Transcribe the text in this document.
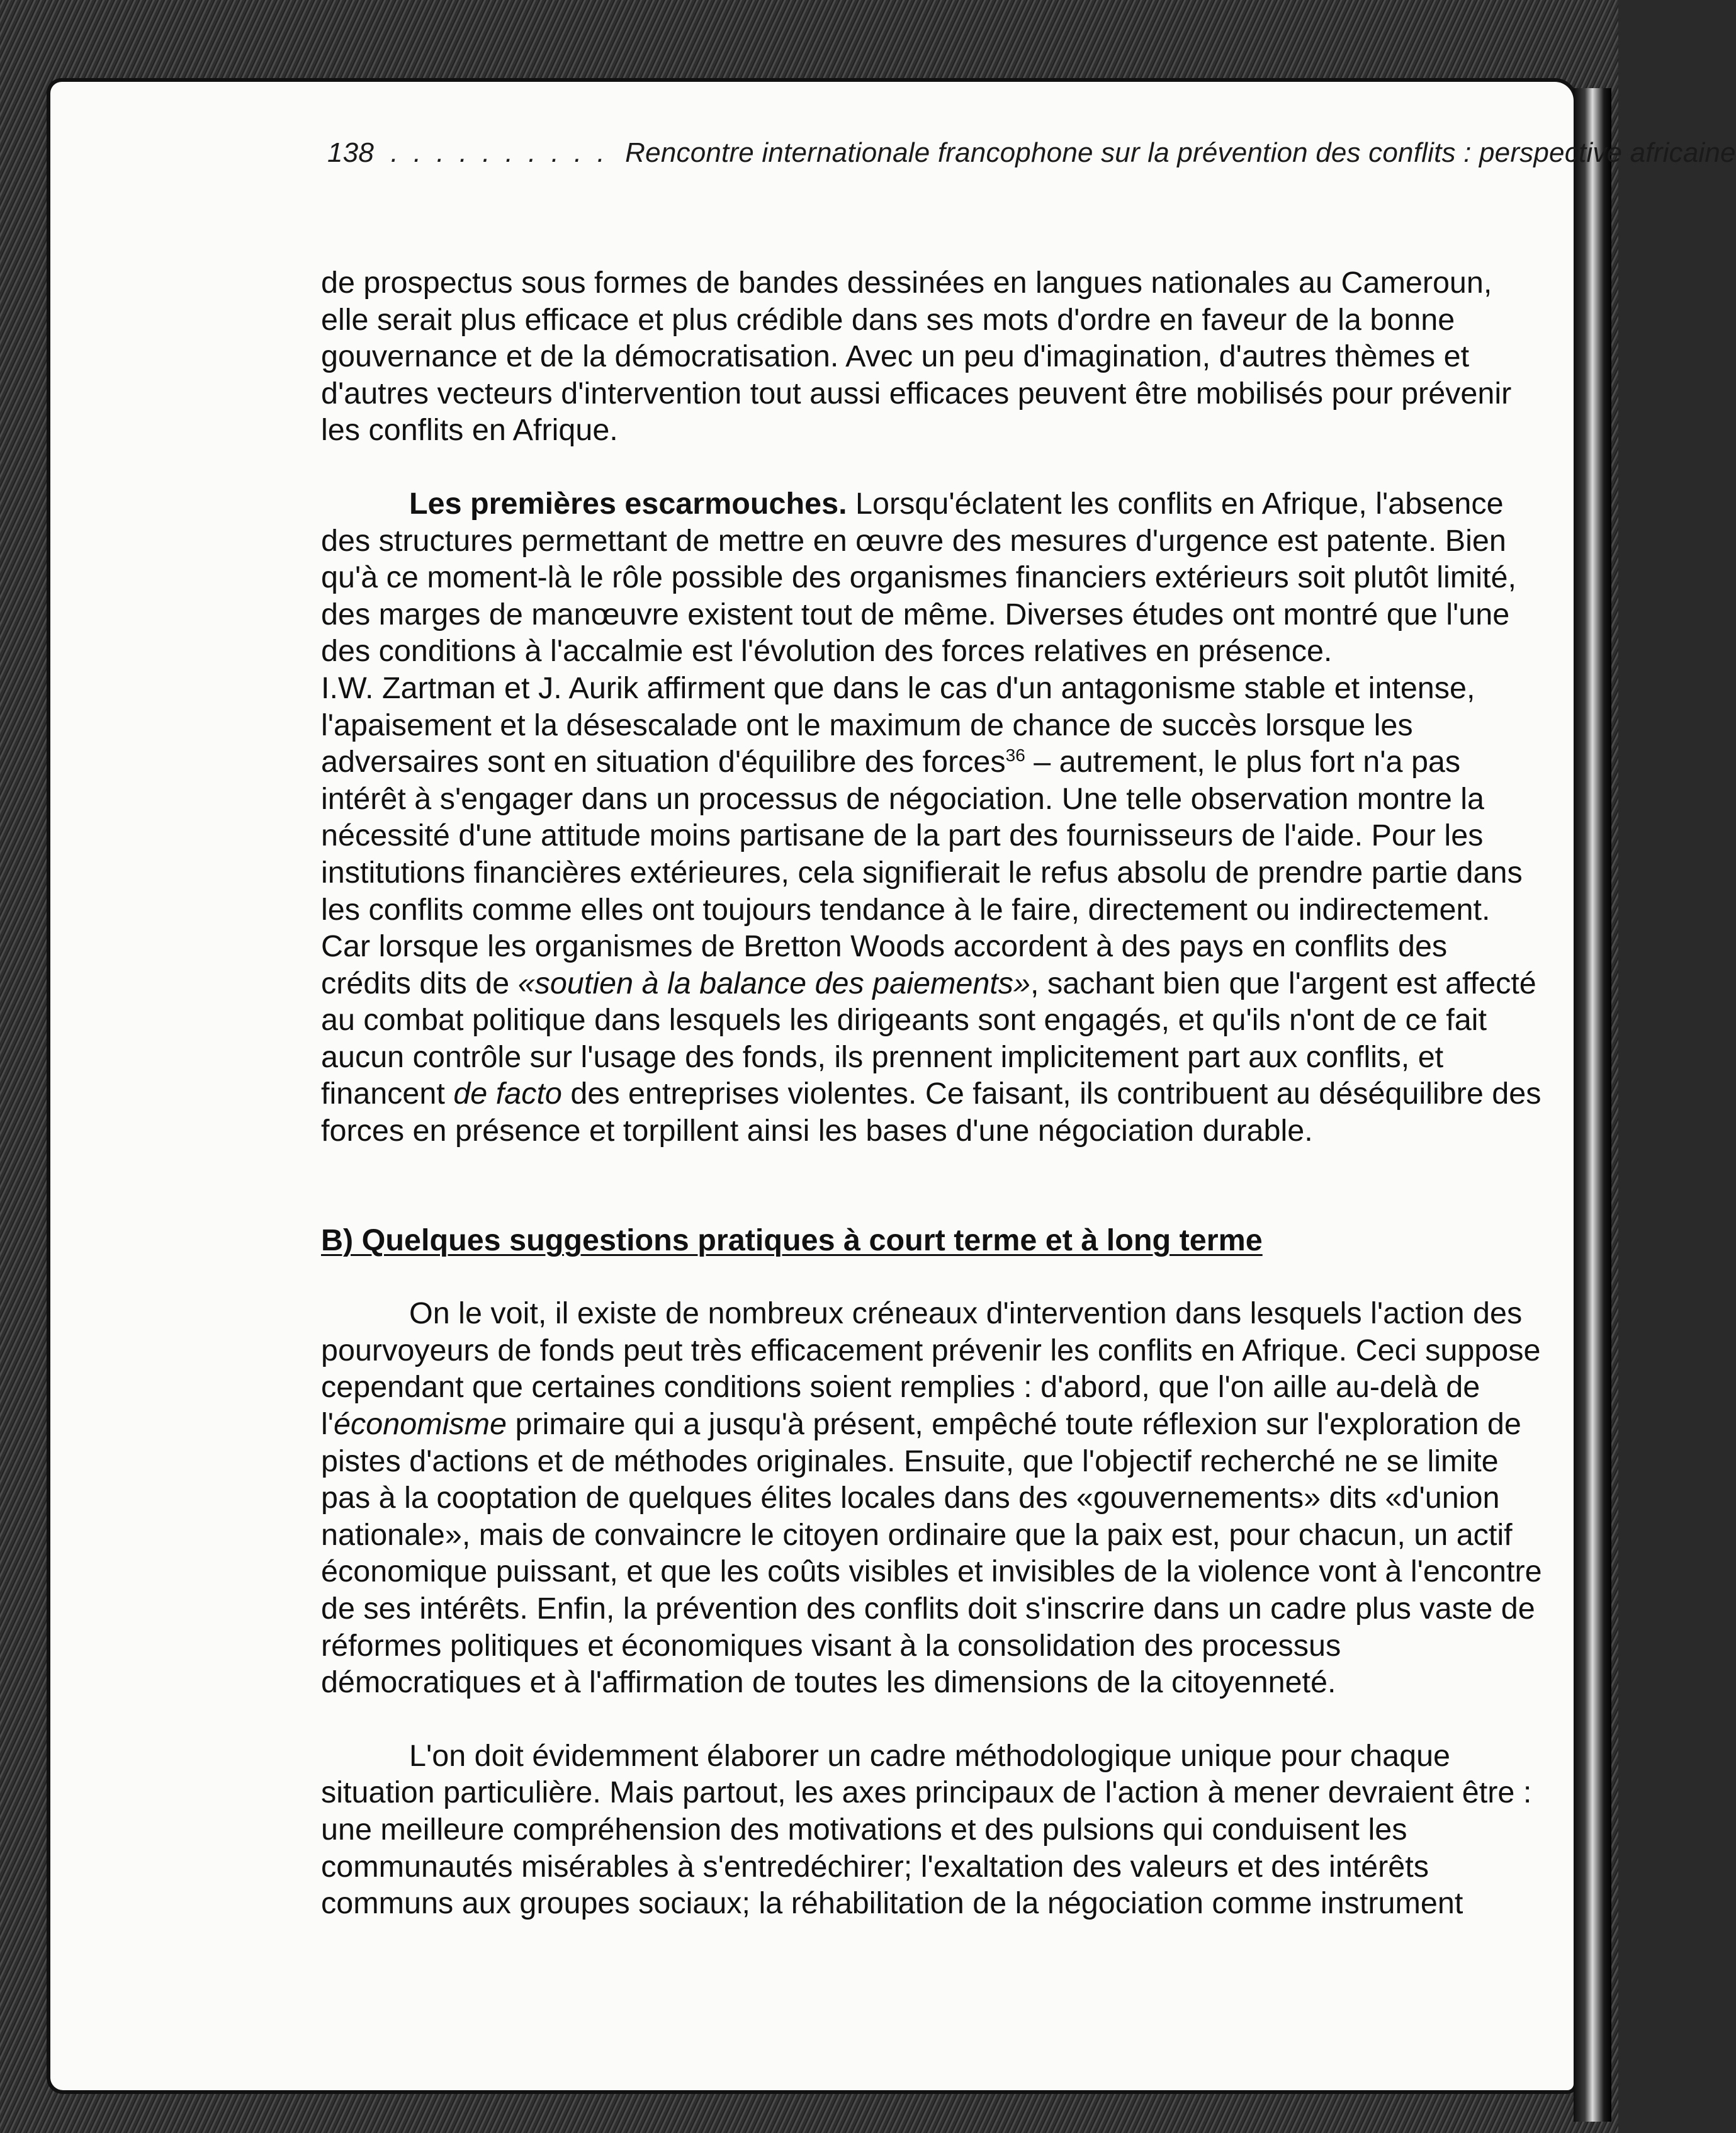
138 . . . . . . . . . . Rencontre internationale francophone sur la prévention des conflits : perspective africaine

de prospectus sous formes de bandes dessinées en langues nationales au Cameroun, elle serait plus efficace et plus crédible dans ses mots d'ordre en faveur de la bonne gouvernance et de la démocratisation. Avec un peu d'imagination, d'autres thèmes et d'autres vecteurs d'intervention tout aussi efficaces peuvent être mobilisés pour prévenir les conflits en Afrique.

Les premières escarmouches. Lorsqu'éclatent les conflits en Afrique, l'absence des structures permettant de mettre en œuvre des mesures d'urgence est patente. Bien qu'à ce moment-là le rôle possible des organismes financiers extérieurs soit plutôt limité, des marges de manœuvre existent tout de même. Diverses études ont montré que l'une des conditions à l'accalmie est l'évolution des forces relatives en présence.

I.W. Zartman et J. Aurik affirment que dans le cas d'un antagonisme stable et intense, l'apaisement et la désescalade ont le maximum de chance de succès lorsque les adversaires sont en situation d'équilibre des forces$^{36}$ – autrement, le plus fort n'a pas intérêt à s'engager dans un processus de négociation. Une telle observation montre la nécessité d'une attitude moins partisane de la part des fournisseurs de l'aide. Pour les institutions financières extérieures, cela signifierait le refus absolu de prendre partie dans les conflits comme elles ont toujours tendance à le faire, directement ou indirectement. Car lorsque les organismes de Bretton Woods accordent à des pays en conflits des crédits dits de «soutien à la balance des paiements», sachant bien que l'argent est affecté au combat politique dans lesquels les dirigeants sont engagés, et qu'ils n'ont de ce fait aucun contrôle sur l'usage des fonds, ils prennent implicitement part aux conflits, et financent de facto des entreprises violentes. Ce faisant, ils contribuent au déséquilibre des forces en présence et torpillent ainsi les bases d'une négociation durable.

B) Quelques suggestions pratiques à court terme et à long terme

On le voit, il existe de nombreux créneaux d'intervention dans lesquels l'action des pourvoyeurs de fonds peut très efficacement prévenir les conflits en Afrique. Ceci suppose cependant que certaines conditions soient remplies : d'abord, que l'on aille au-delà de l'économisme primaire qui a jusqu'à présent, empêché toute réflexion sur l'exploration de pistes d'actions et de méthodes originales. Ensuite, que l'objectif recherché ne se limite pas à la cooptation de quelques élites locales dans des «gouvernements» dits «d'union nationale», mais de convaincre le citoyen ordinaire que la paix est, pour chacun, un actif économique puissant, et que les coûts visibles et invisibles de la violence vont à l'encontre de ses intérêts. Enfin, la prévention des conflits doit s'inscrire dans un cadre plus vaste de réformes politiques et économiques visant à la consolidation des processus démocratiques et à l'affirmation de toutes les dimensions de la citoyenneté.

L'on doit évidemment élaborer un cadre méthodologique unique pour chaque situation particulière. Mais partout, les axes principaux de l'action à mener devraient être : une meilleure compréhension des motivations et des pulsions qui conduisent les communautés misérables à s'entredéchirer; l'exaltation des valeurs et des intérêts communs aux groupes sociaux; la réhabilitation de la négociation comme instrument
